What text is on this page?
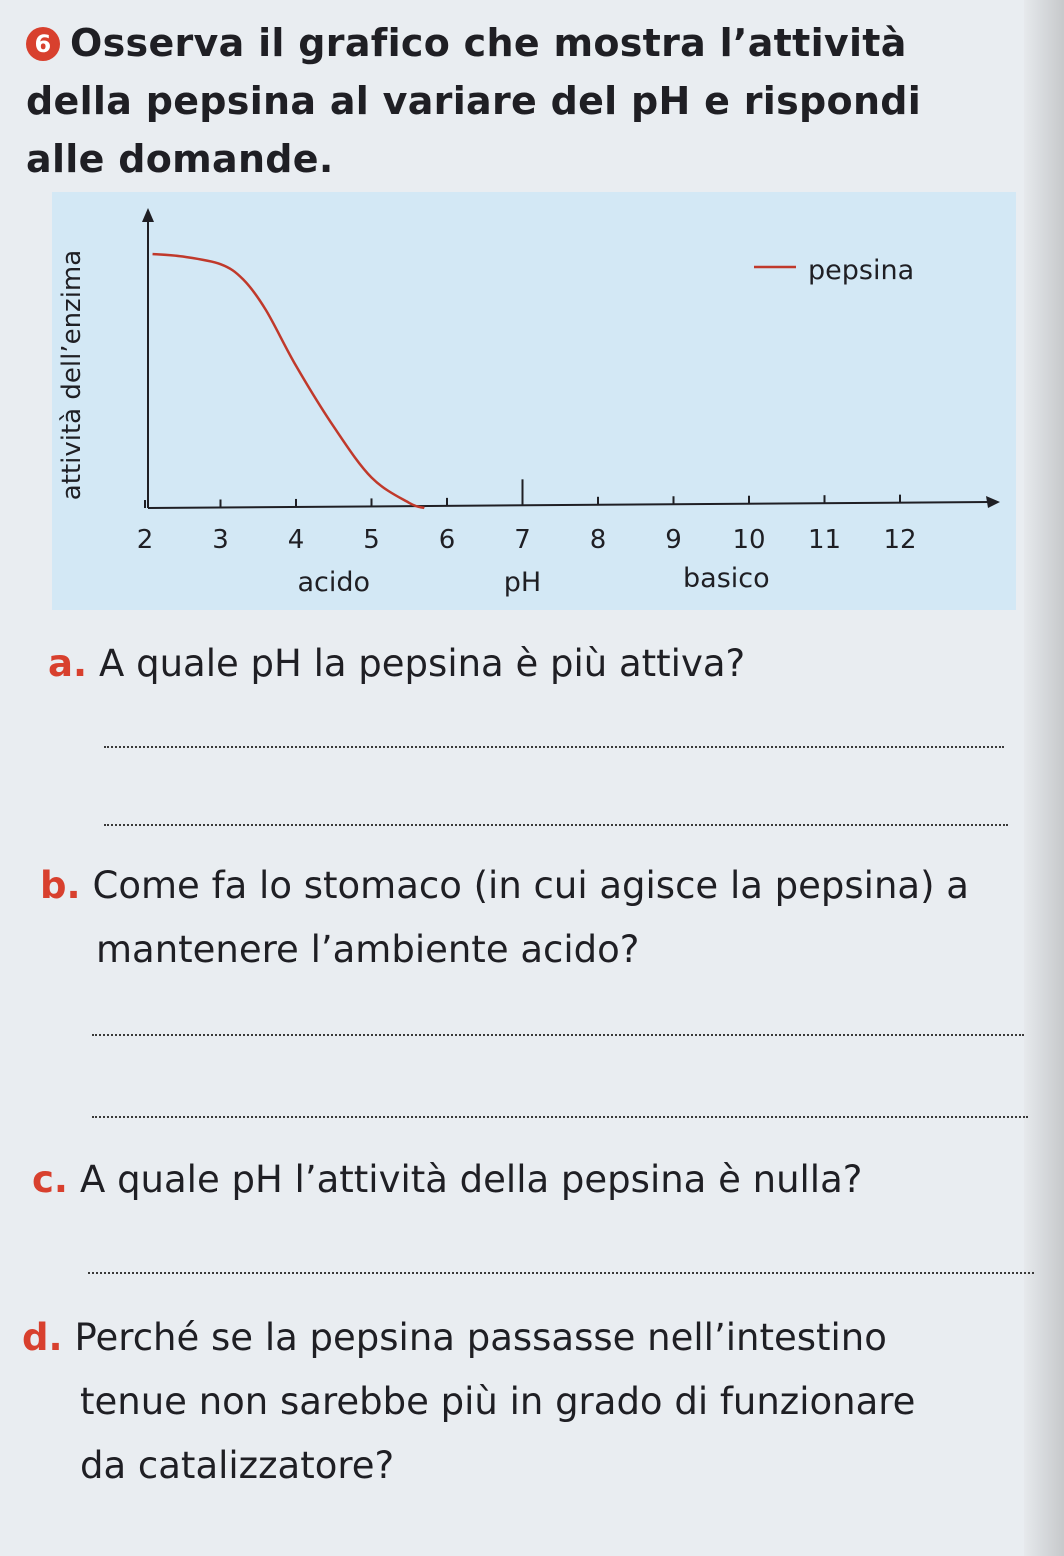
6 Osserva il grafico che mostra l’attività della pepsina al variare del pH e rispondi alle domande.
2 3 4 5 6 7 8 9 10 11 12
acido	pH	basico
attività dell’enzima	pepsina
a. A quale pH la pepsina è più attiva?
b. Come fa lo stomaco (in cui agisce la pepsina) a
mantenere l’ambiente acido?
c. A quale pH l’attività della pepsina è nulla?
d. Perché se la pepsina passasse nell’intestino
tenue non sarebbe più in grado di funzionare
da catalizzatore?
